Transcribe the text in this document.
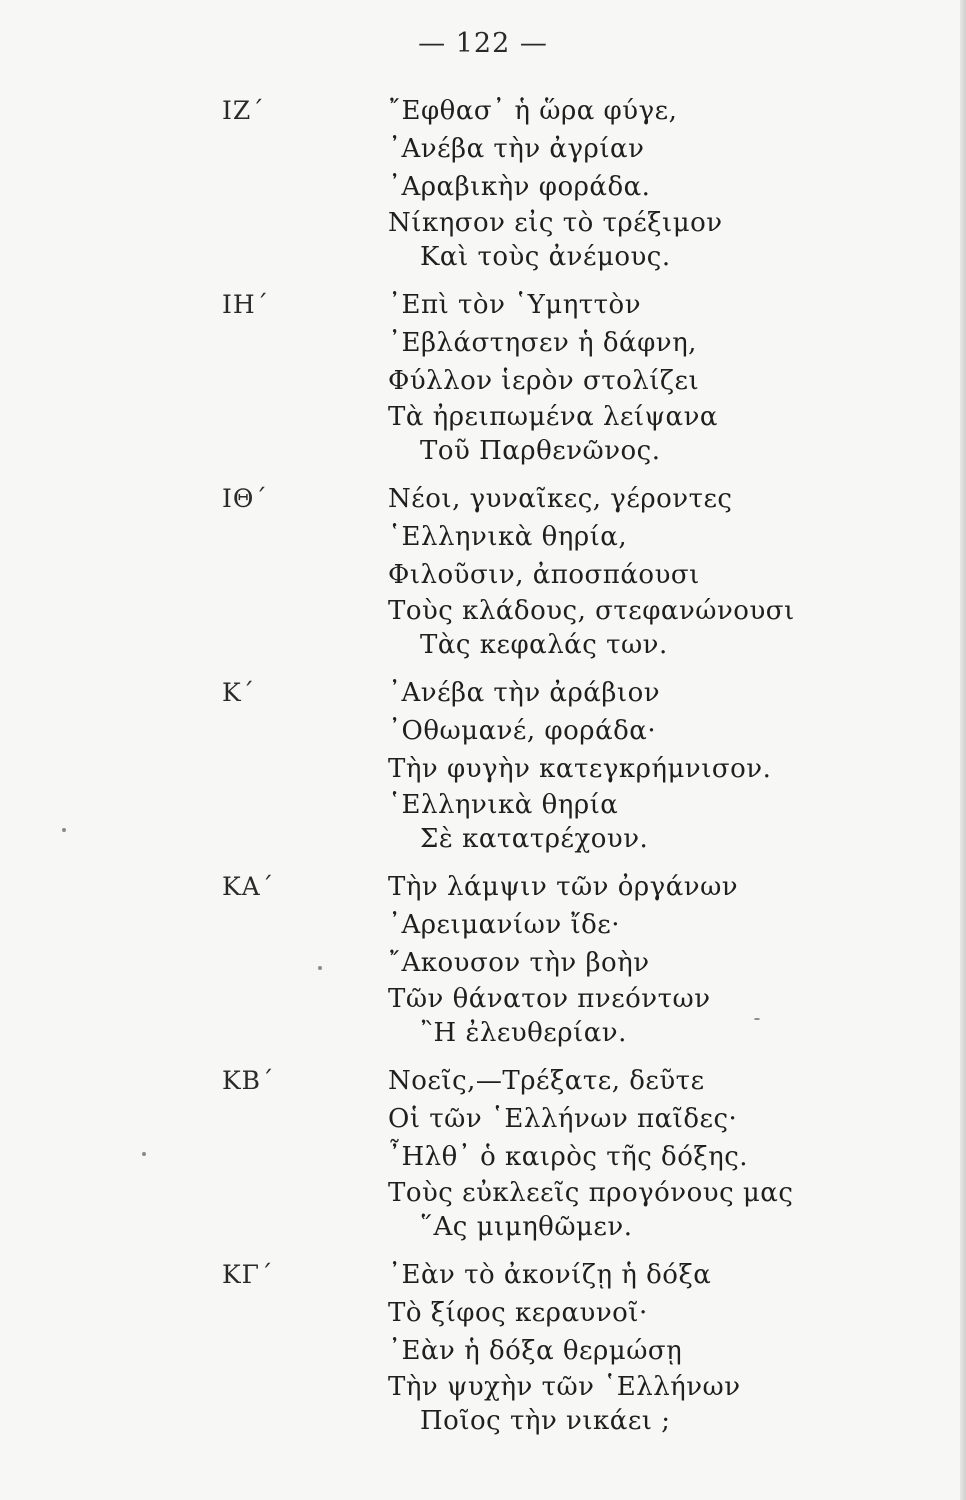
— 122 —
ΙΖ΄	῎Εφθασ᾽ ἡ ὥρα φύγε,
᾽Ανέβα τὴν ἀγρίαν
᾽Αραβικὴν φοράδα.
Νίκησον εἰς τὸ τρέξιμον
Καὶ τοὺς ἀνέμους.
ΙΗ΄	᾽Επὶ τὸν ῾Υμηττὸν
᾽Εβλάστησεν ἡ δάφνη,
Φύλλον ἱερὸν στολίζει
Τὰ ἠρειπωμένα λείψανα
Τοῦ Παρθενῶνος.
ΙΘ΄	Νέοι, γυναῖκες, γέροντες
῾Ελληνικὰ θηρία,
Φιλοῦσιν, ἀποσπάουσι
Τοὺς κλάδους, στεφανώνουσι
Τὰς κεφαλάς των.
Κ΄	᾽Ανέβα τὴν ἀράβιον
᾽Οθωμανέ, φοράδα·
Τὴν φυγὴν κατεγκρήμνισον.
῾Ελληνικὰ θηρία
Σὲ κατατρέχουν.
ΚΑ΄	Τὴν λάμψιν τῶν ὀργάνων
᾽Αρειμανίων ἴδε·
῎Ακουσον τὴν βοὴν
Τῶν θάνατον πνεόντων
῍Η ἐλευθερίαν.
ΚΒ΄	Νοεῖς,—Τρέξατε, δεῦτε
Οἱ τῶν ῾Ελλήνων παῖδες·
῏Ηλθ᾽ ὁ καιρὸς τῆς δόξης.
Τοὺς εὐκλεεῖς προγόνους μας
῞Ας μιμηθῶμεν.
ΚΓ΄	᾽Εὰν τὸ ἀκονίζῃ ἡ δόξα
Τὸ ξίφος κεραυνοῖ·
᾽Εὰν ἡ δόξα θερμώσῃ
Τὴν ψυχὴν τῶν ῾Ελλήνων
Ποῖος τὴν νικάει ;
